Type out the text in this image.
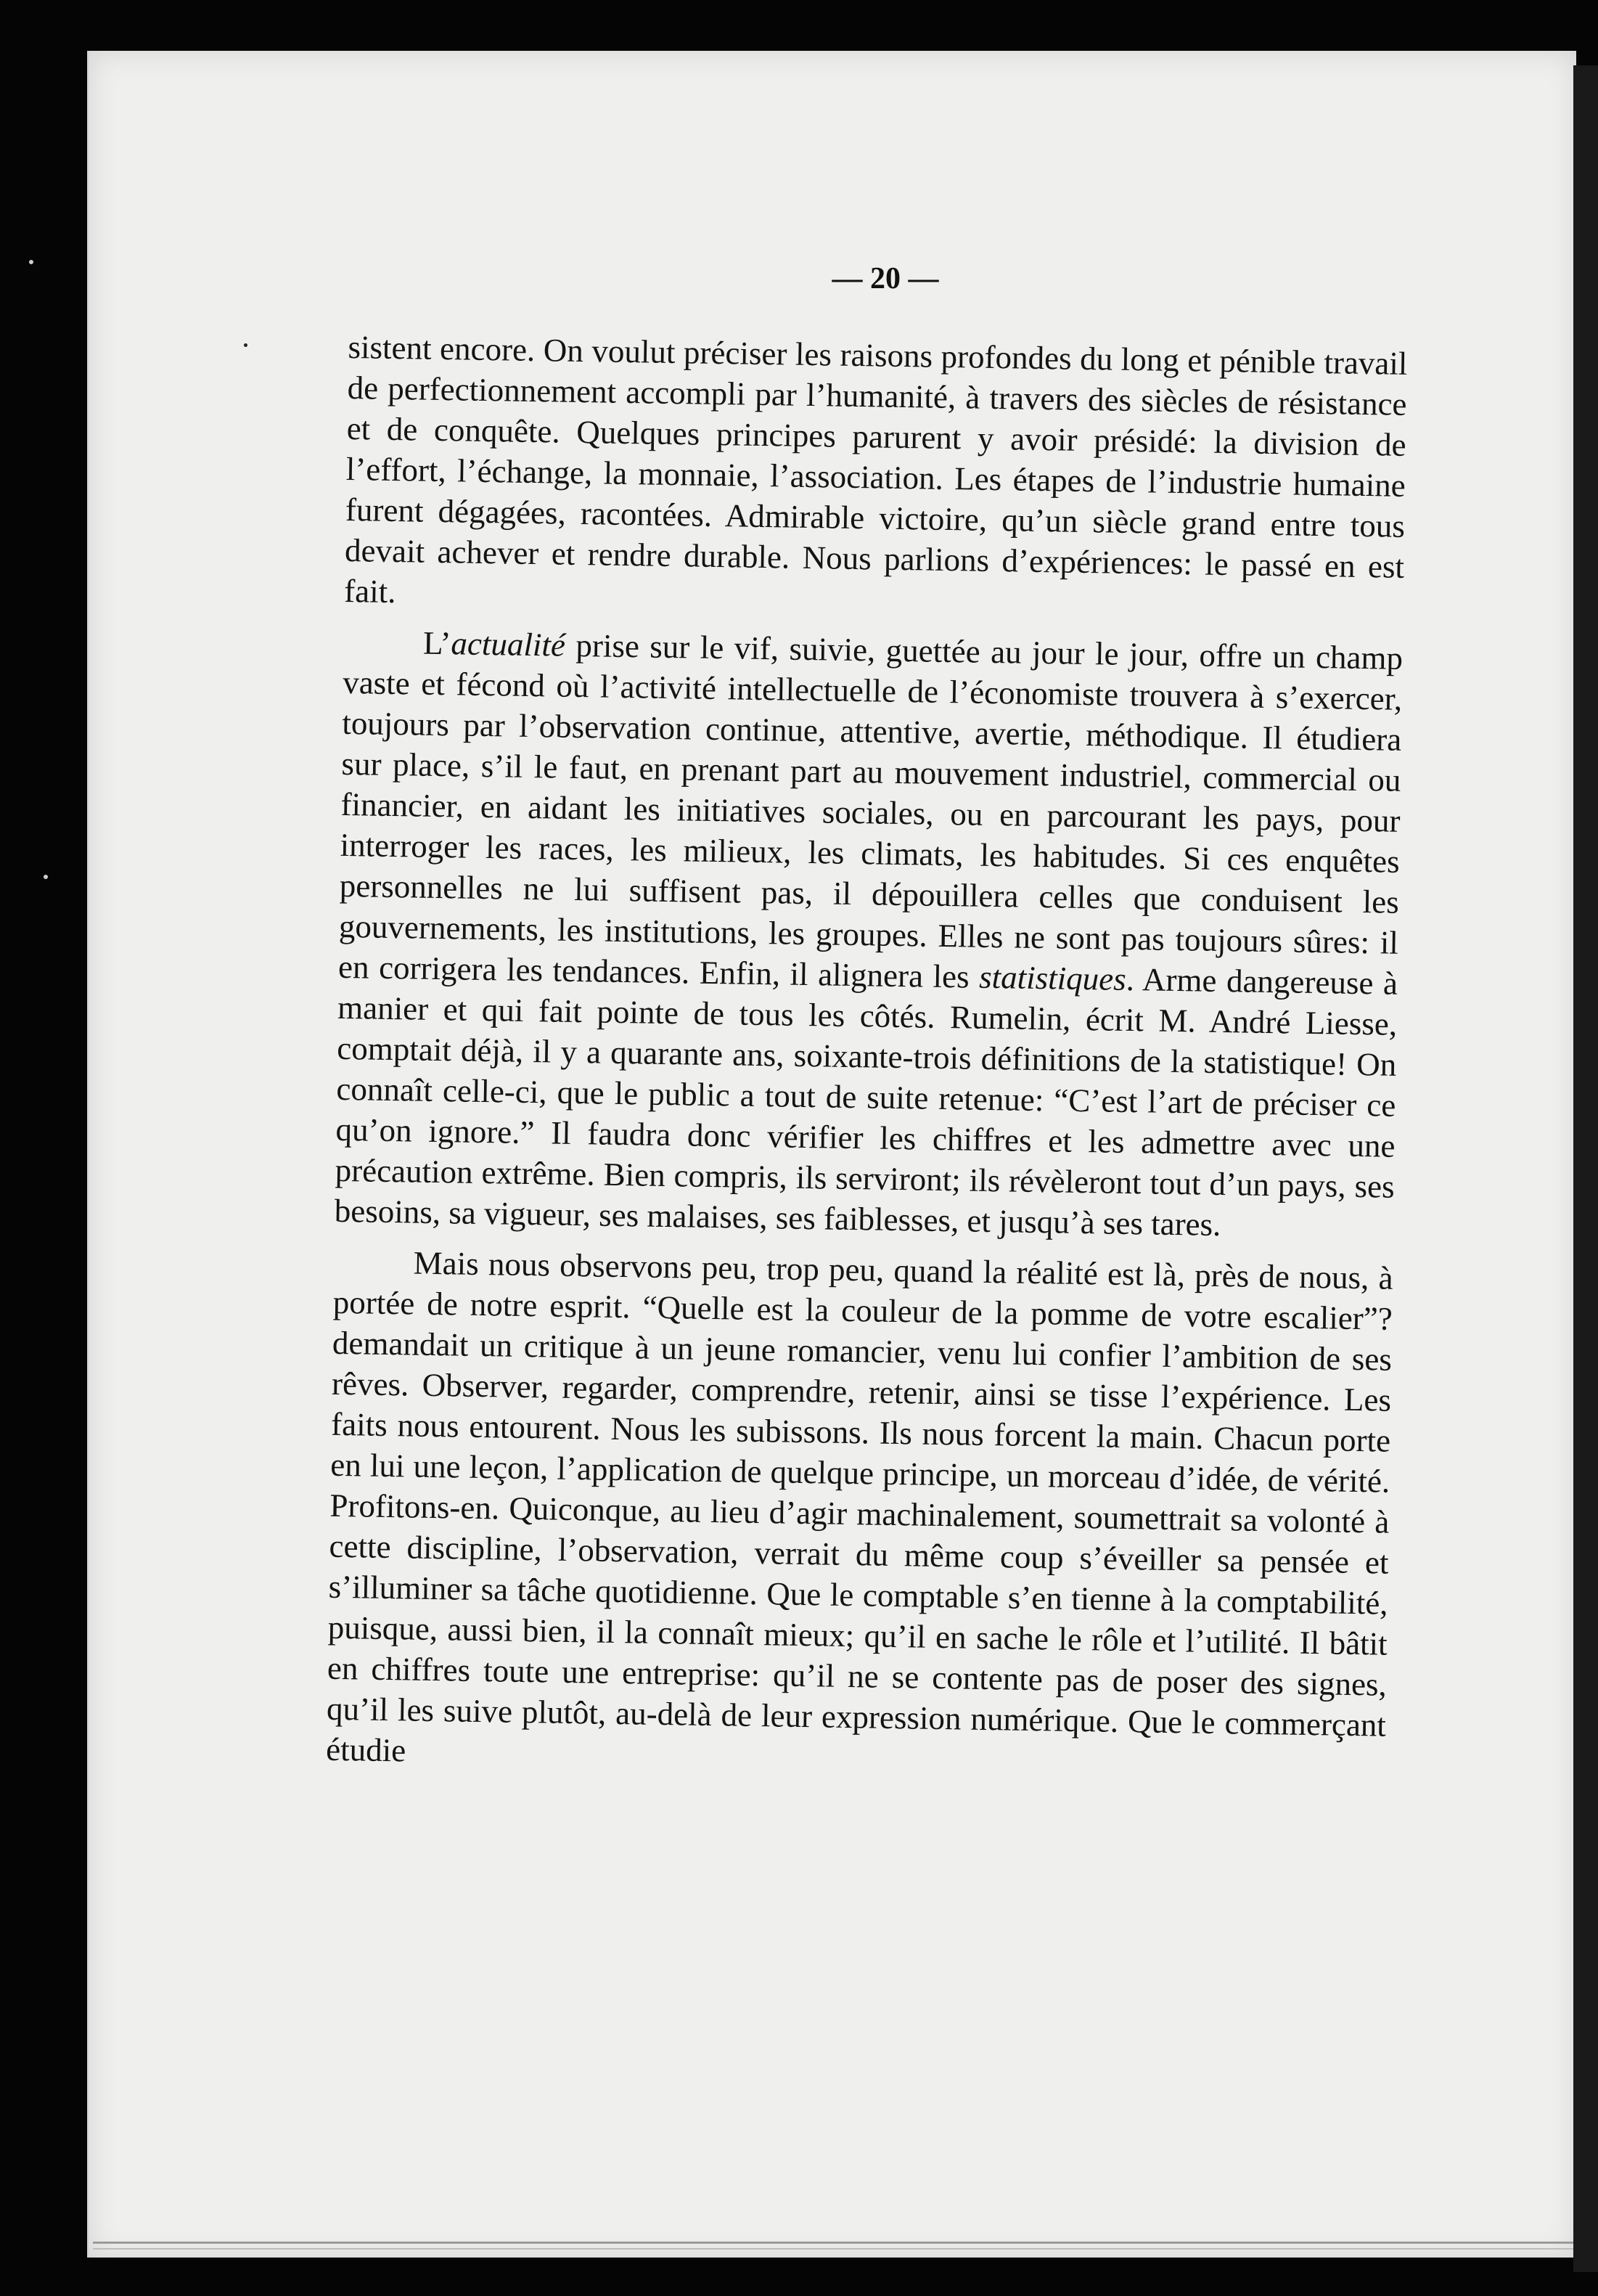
— 20 —

sistent encore. On voulut préciser les raisons profondes du long et pénible travail de perfectionnement accompli par l’humanité, à travers des siècles de résistance et de conquête. Quelques principes parurent y avoir présidé: la division de l’effort, l’échange, la monnaie, l’association. Les étapes de l’industrie humaine furent dégagées, racontées. Admirable victoire, qu’un siècle grand entre tous devait achever et rendre durable. Nous parlions d’expériences: le passé en est fait.

L’actualité prise sur le vif, suivie, guettée au jour le jour, offre un champ vaste et fécond où l’activité intellectuelle de l’économiste trouvera à s’exercer, toujours par l’observation continue, attentive, avertie, méthodique. Il étudiera sur place, s’il le faut, en prenant part au mouvement industriel, commercial ou financier, en aidant les initiatives sociales, ou en parcourant les pays, pour interroger les races, les milieux, les climats, les habitudes. Si ces enquêtes personnelles ne lui suffisent pas, il dépouillera celles que conduisent les gouvernements, les institutions, les groupes. Elles ne sont pas toujours sûres: il en corrigera les tendances. Enfin, il alignera les statistiques. Arme dangereuse à manier et qui fait pointe de tous les côtés. Rumelin, écrit M. André Liesse, comptait déjà, il y a quarante ans, soixante-trois définitions de la statistique! On connaît celle-ci, que le public a tout de suite retenue: “C’est l’art de préciser ce qu’on ignore.” Il faudra donc vérifier les chiffres et les admettre avec une précaution extrême. Bien compris, ils serviront; ils révèleront tout d’un pays, ses besoins, sa vigueur, ses malaises, ses faiblesses, et jusqu’à ses tares.

Mais nous observons peu, trop peu, quand la réalité est là, près de nous, à portée de notre esprit. “Quelle est la couleur de la pomme de votre escalier”? demandait un critique à un jeune romancier, venu lui confier l’ambition de ses rêves. Observer, regarder, comprendre, retenir, ainsi se tisse l’expérience. Les faits nous entourent. Nous les subissons. Ils nous forcent la main. Chacun porte en lui une leçon, l’application de quelque principe, un morceau d’idée, de vérité. Profitons-en. Quiconque, au lieu d’agir machinalement, soumettrait sa volonté à cette discipline, l’observation, verrait du même coup s’éveiller sa pensée et s’illuminer sa tâche quotidienne. Que le comptable s’en tienne à la comptabilité, puisque, aussi bien, il la connaît mieux; qu’il en sache le rôle et l’utilité. Il bâtit en chiffres toute une entreprise: qu’il ne se contente pas de poser des signes, qu’il les suive plutôt, au-delà de leur expression numérique. Que le commerçant étudie
